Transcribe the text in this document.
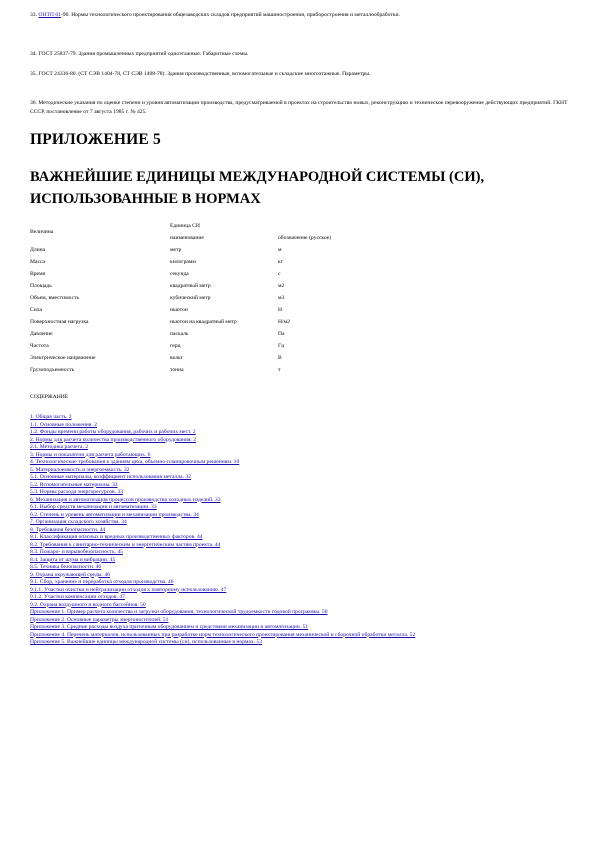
33. ОНТП 01-90. Нормы технологического проектирования общезаводских складов предприятий машиностроения, приборостроения и металлообработки.
34. ГОСТ 25837-79. Здания промышленных предприятий одноэтажные. Габаритные схемы.
35. ГОСТ 24336-80. (СТ СЭВ 1404-78, СТ СЭВ 1408-78). Здания производственные, вспомогательные и складские многоэтажные. Параметры.
36. Методические указания по оценке степени и уровня автоматизации производства, предусматриваемой в проектах на строительство новых, реконструкцию и техническое перевооружение действующих предприятий. ГКНТ СССР, постановление от 7 августа 1985 г. № 425.
ПРИЛОЖЕНИЕ 5
ВАЖНЕЙШИЕ ЕДИНИЦЫ МЕЖДУНАРОДНОЙ СИСТЕМЫ (СИ), ИСПОЛЬЗОВАННЫЕ В НОРМАХ
Величина	Единица СИ	
	наименование	обозначение (русское)
Длина	метр	м
Масса	килограмм	кг
Время	секунда	с
Площадь	квадратный метр	м2
Объем, вместимость	кубический метр	м3
Сила	ньютон	Н
Поверхностная нагрузка	ньютон на квадратный метр	Н/м2
Давление	паскаль	Па
Частота	герц	Гц
Электрическое напряжение	вольт	В
Грузоподъемность	тонна	т
СОДЕРЖАНИЕ
1. Общая часть. 2
1.1. Основные положения. 2
1.2. Фонды времени работы оборудования, рабочих и рабочих мест. 2
2. Нормы для расчета количества производственного оборудования. 2
2.1. Методика расчета. 2
3. Нормы и показатели для расчета работающих. 6
4. Технологические требования к зданиям цеха, объемно-планировочным решениям. 10
5. Материалоемкость и энергоемкость. 32
5.1. Основные материалы, коэффициент использования металла. 32
5.2. Вспомогательные материалы. 33
5.3. Нормы расхода энергоресурсов. 33
6. Механизация и автоматизация процессов производства холодных изделий. 33
6.1. Выбор средств механизации и автоматизации. 33
6.2. Степень и уровень автоматизации и механизации производства. 34
7. Организация складского хозяйства. 34
8. Требования безопасности. 44
8.1. Классификация опасных и вредных производственных факторов. 44
8.2. Требования к санитарно-техническим и энергетическим частям проекта. 44
8.3. Пожаро- и взрывобезопасность. 45
8.4. Защита от шума и вибрации. 45
8.5. Техника безопасности. 46
9. Охрана окружающей среды. 46
9.1. Сбор, хранение и переработка отходов производства. 46
9.1.1. Участки очистки и нейтрализации отходов к повторному использованию. 47
9.1.2. Участки компенсации отходов. 47
9.2. Охрана воздушного и водного бассейнов. 50
Приложение 1. Пример расчета количества и загрузки оборудования, технологической трудоемкости годовой программы. 50
Приложение 2. Основные параметры энергоносителей. 51
Приложение 3. Средние расходы воздуха приточным оборудованием и средствами механизации и автоматизации. 51
Приложение 4. Перечень материалов, использованных при разработке норм технологического проектирования механической и сборочной обработки металла. 52
Приложение 5. Важнейшие единицы международной системы (си), использованные в нормах. 53
